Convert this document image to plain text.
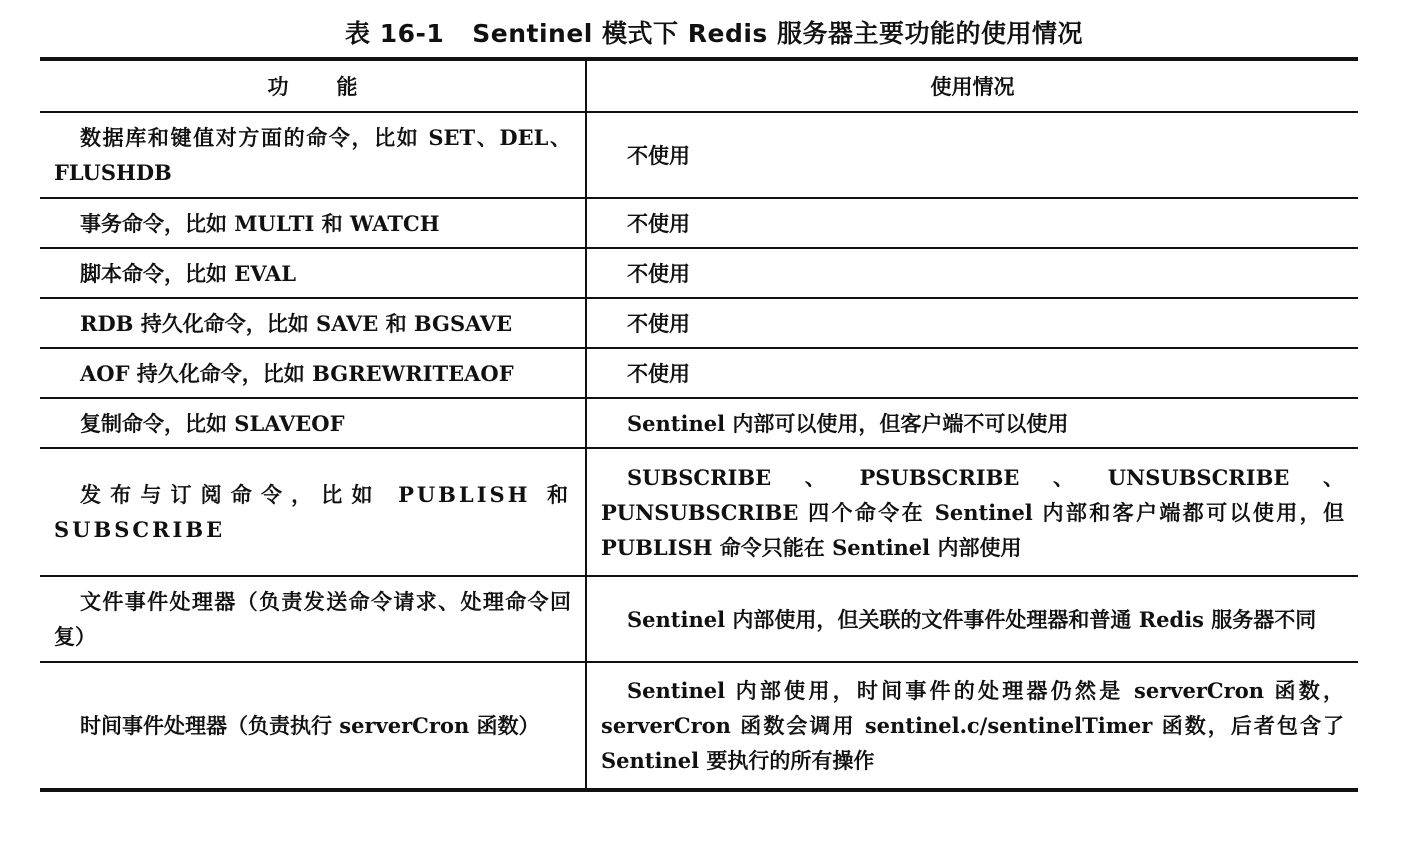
表 16-1 Sentinel 模式下 Redis 服务器主要功能的使用情况
功能	使用情况
数据库和键值对方面的命令，比如 SET、DEL、FLUSHDB	不使用
事务命令，比如 MULTI 和 WATCH	不使用
脚本命令，比如 EVAL	不使用
RDB 持久化命令，比如 SAVE 和 BGSAVE	不使用
AOF 持久化命令，比如 BGREWRITEAOF	不使用
复制命令，比如 SLAVEOF	Sentinel 内部可以使用，但客户端不可以使用
发布与订阅命令，比如 PUBLISH 和 SUBSCRIBE	SUBSCRIBE、PSUBSCRIBE、UNSUBSCRIBE、PUNSUBSCRIBE 四个命令在 Sentinel 内部和客户端都可以使用，但 PUBLISH 命令只能在 Sentinel 内部使用
文件事件处理器（负责发送命令请求、处理命令回复）	Sentinel 内部使用，但关联的文件事件处理器和普通 Redis 服务器不同
时间事件处理器（负责执行 serverCron 函数）	Sentinel 内部使用，时间事件的处理器仍然是 serverCron 函数，serverCron 函数会调用 sentinel.c/sentinelTimer 函数，后者包含了 Sentinel 要执行的所有操作
